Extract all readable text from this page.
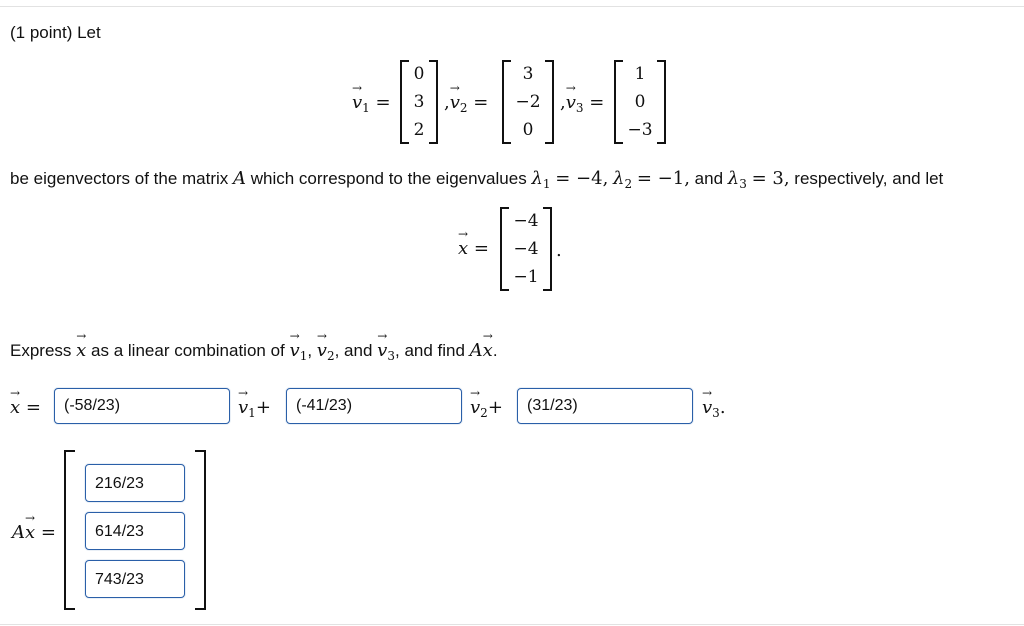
(1 point) Let
→ $v_1$ =
0
3
2
,→ $v_2$ =
3
−2
0
,→ $v_3$ =
1
0
−3
be eigenvectors of the matrix A which correspond to the eigenvalues $\lambda_1 = -4$, $\lambda_2 = -1$, and $\lambda_3 = 3$, respectively, and let
→ x =
−4
−4
−1
.
Express → x as a linear combination of → $v_1$, → $v_2$, and → $v_3$, and find A→ x.
→ x =	(-58/23)	→ $v_1+$	(-41/23)	→ $v_2+$	(31/23)	→ $v_3$.
A→ x =
216/23
614/23
743/23
